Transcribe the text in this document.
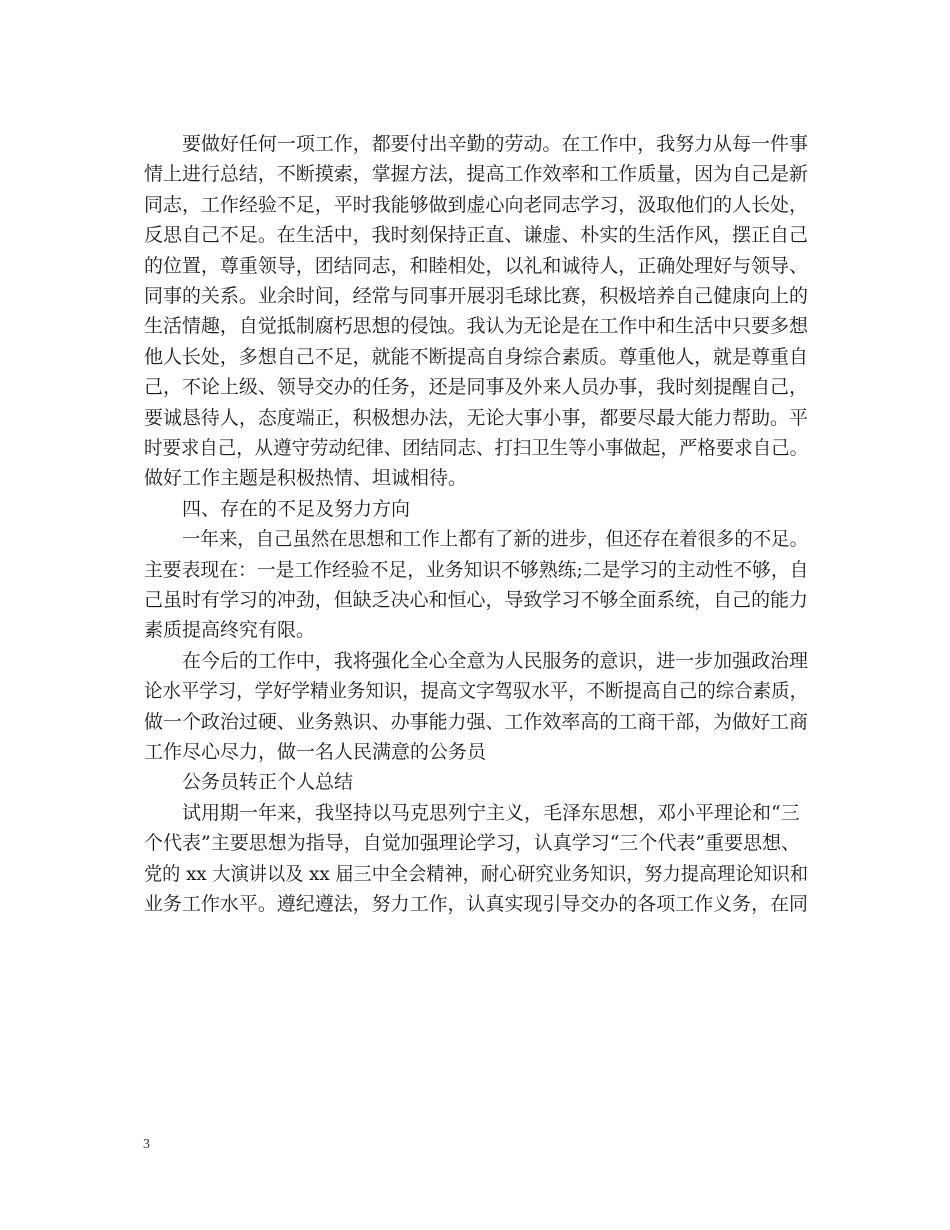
要做好任何一项工作，都要付出辛勤的劳动。在工作中，我努力从每一件事
情上进行总结，不断摸索，掌握方法，提高工作效率和工作质量，因为自己是新
同志，工作经验不足，平时我能够做到虚心向老同志学习，汲取他们的人长处，
反思自己不足。在生活中，我时刻保持正直、谦虚、朴实的生活作风，摆正自己
的位置，尊重领导，团结同志，和睦相处，以礼和诚待人，正确处理好与领导、
同事的关系。业余时间，经常与同事开展羽毛球比赛，积极培养自己健康向上的
生活情趣，自觉抵制腐朽思想的侵蚀。我认为无论是在工作中和生活中只要多想
他人长处，多想自己不足，就能不断提高自身综合素质。尊重他人，就是尊重自
己，不论上级、领导交办的任务，还是同事及外来人员办事，我时刻提醒自己，
要诚恳待人，态度端正，积极想办法，无论大事小事，都要尽最大能力帮助。平
时要求自己，从遵守劳动纪律、团结同志、打扫卫生等小事做起，严格要求自己。
做好工作主题是积极热情、坦诚相待。
四、存在的不足及努力方向
一年来，自己虽然在思想和工作上都有了新的进步，但还存在着很多的不足。
主要表现在：一是工作经验不足，业务知识不够熟练;二是学习的主动性不够，自
己虽时有学习的冲劲，但缺乏决心和恒心，导致学习不够全面系统，自己的能力
素质提高终究有限。
在今后的工作中，我将强化全心全意为人民服务的意识，进一步加强政治理
论水平学习，学好学精业务知识，提高文字驾驭水平，不断提高自己的综合素质，
做一个政治过硬、业务熟识、办事能力强、工作效率高的工商干部，为做好工商
工作尽心尽力，做一名人民满意的公务员
公务员转正个人总结
试用期一年来，我坚持以马克思列宁主义，毛泽东思想，邓小平理论和“三
个代表”主要思想为指导，自觉加强理论学习，认真学习“三个代表”重要思想、
党的 xx 大演讲以及 xx 届三中全会精神，耐心研究业务知识，努力提高理论知识和
业务工作水平。遵纪遵法，努力工作，认真实现引导交办的各项工作义务，在同
3
